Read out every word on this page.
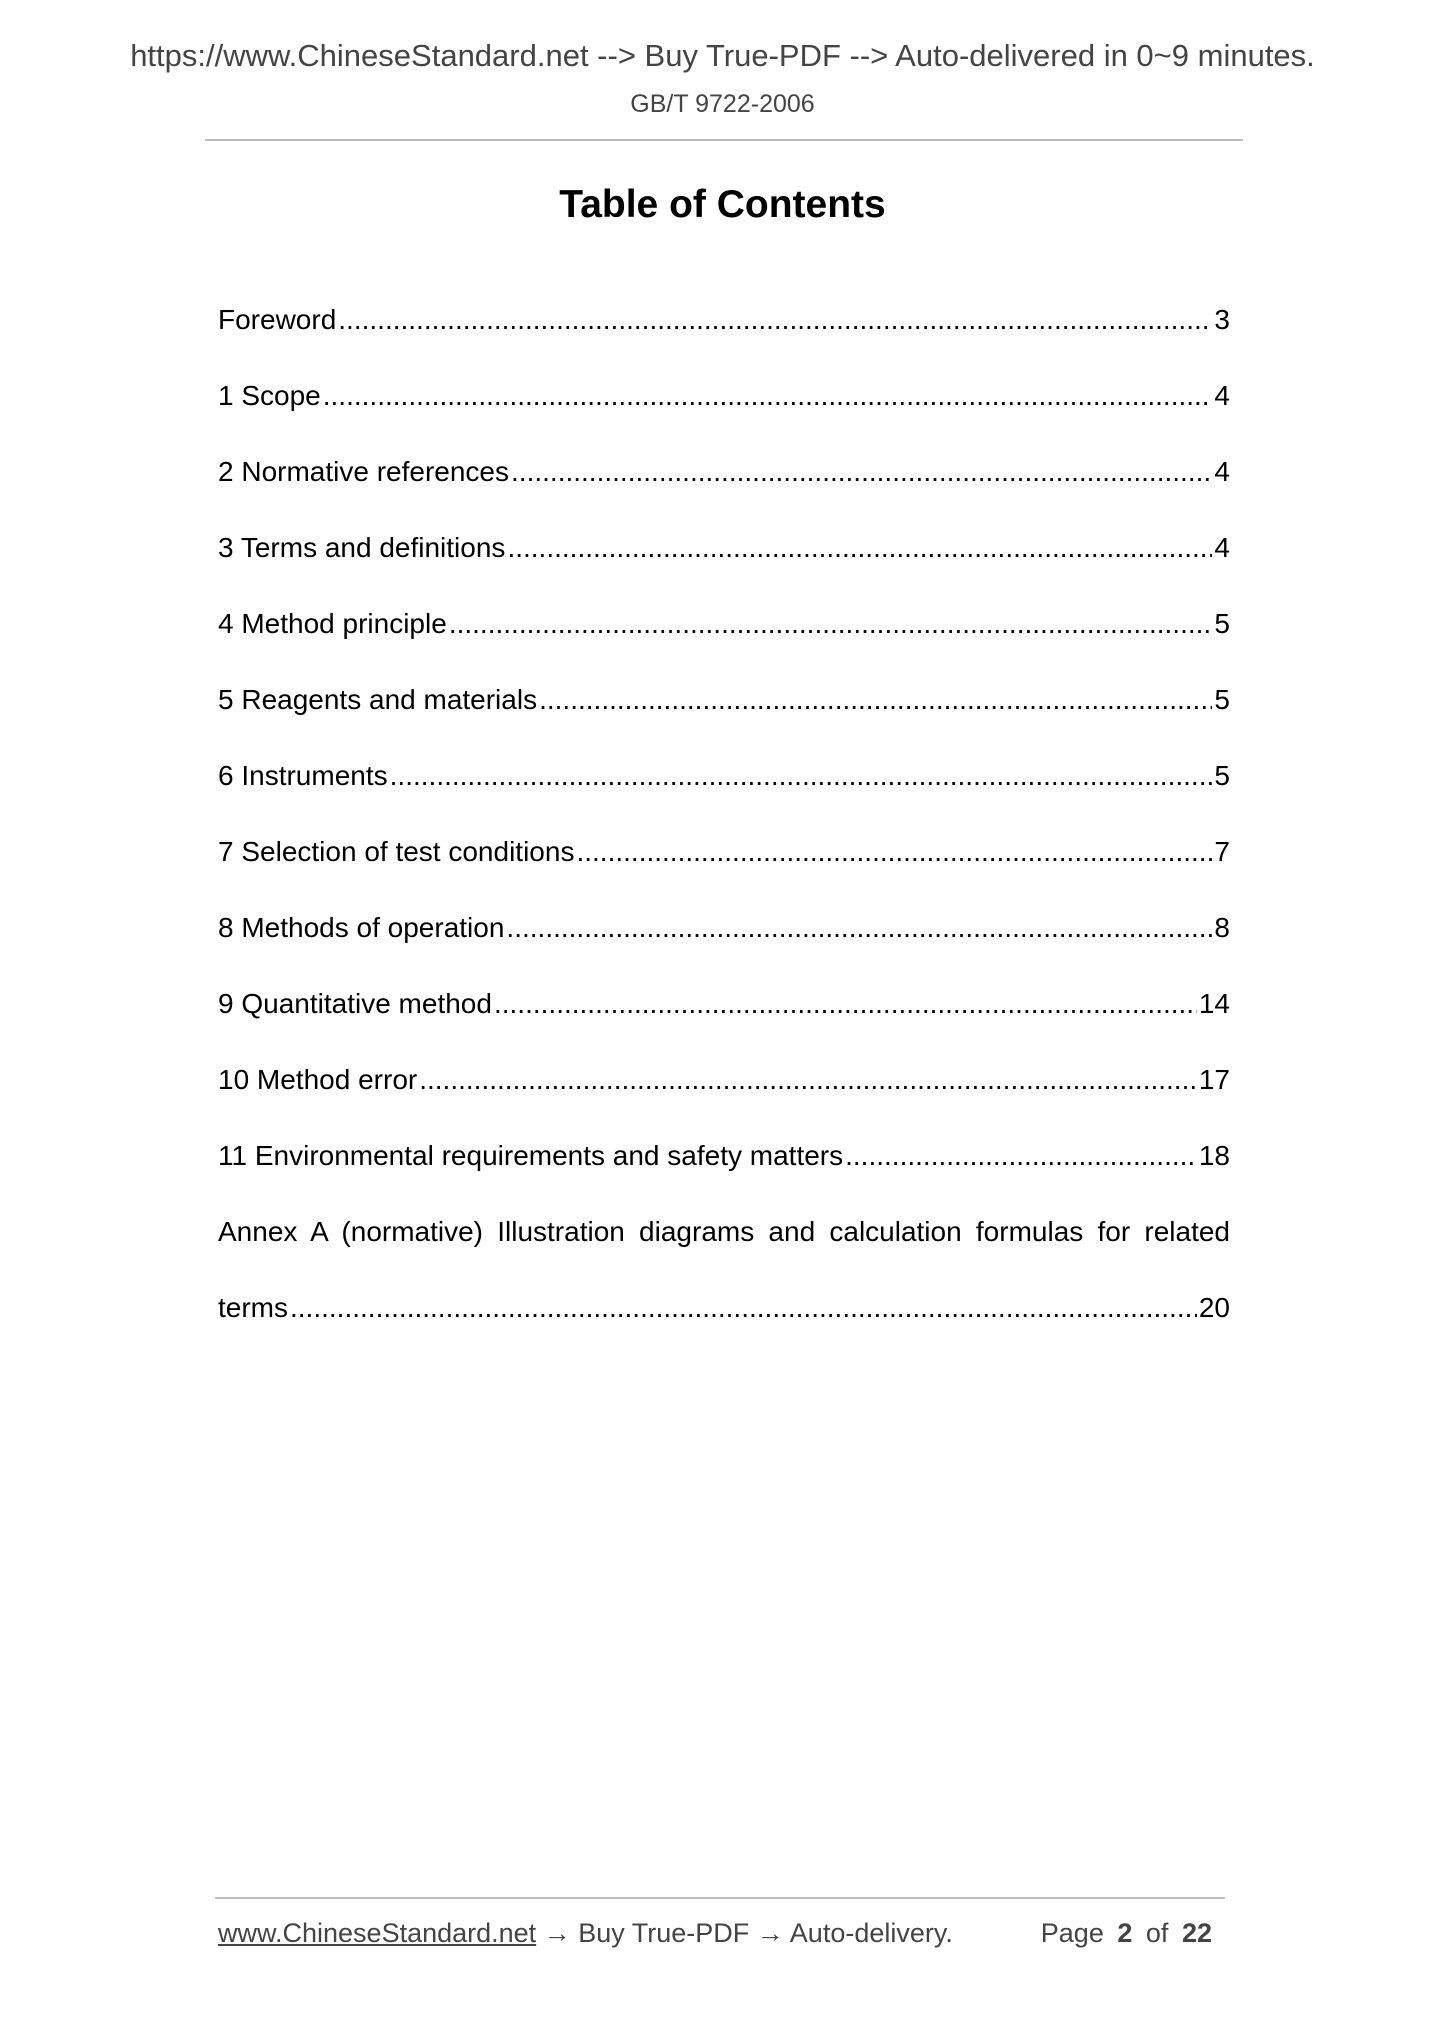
https://www.ChineseStandard.net --> Buy True-PDF --> Auto-delivered in 0~9 minutes.
GB/T 9722-2006
Table of Contents
Foreword .....	3
1 Scope .....	4
2 Normative references .....	4
3 Terms and definitions .....	4
4 Method principle .....	5
5 Reagents and materials .....	5
6 Instruments .....	5
7 Selection of test conditions .....	7
8 Methods of operation .....	8
9 Quantitative method .....	14
10 Method error .....	17
11 Environmental requirements and safety matters .....	18
Annex A (normative) Illustration diagrams and calculation formulas for related
terms .....	20
www.ChineseStandard.net → Buy True-PDF → Auto-delivery.	Page 2 of 22
